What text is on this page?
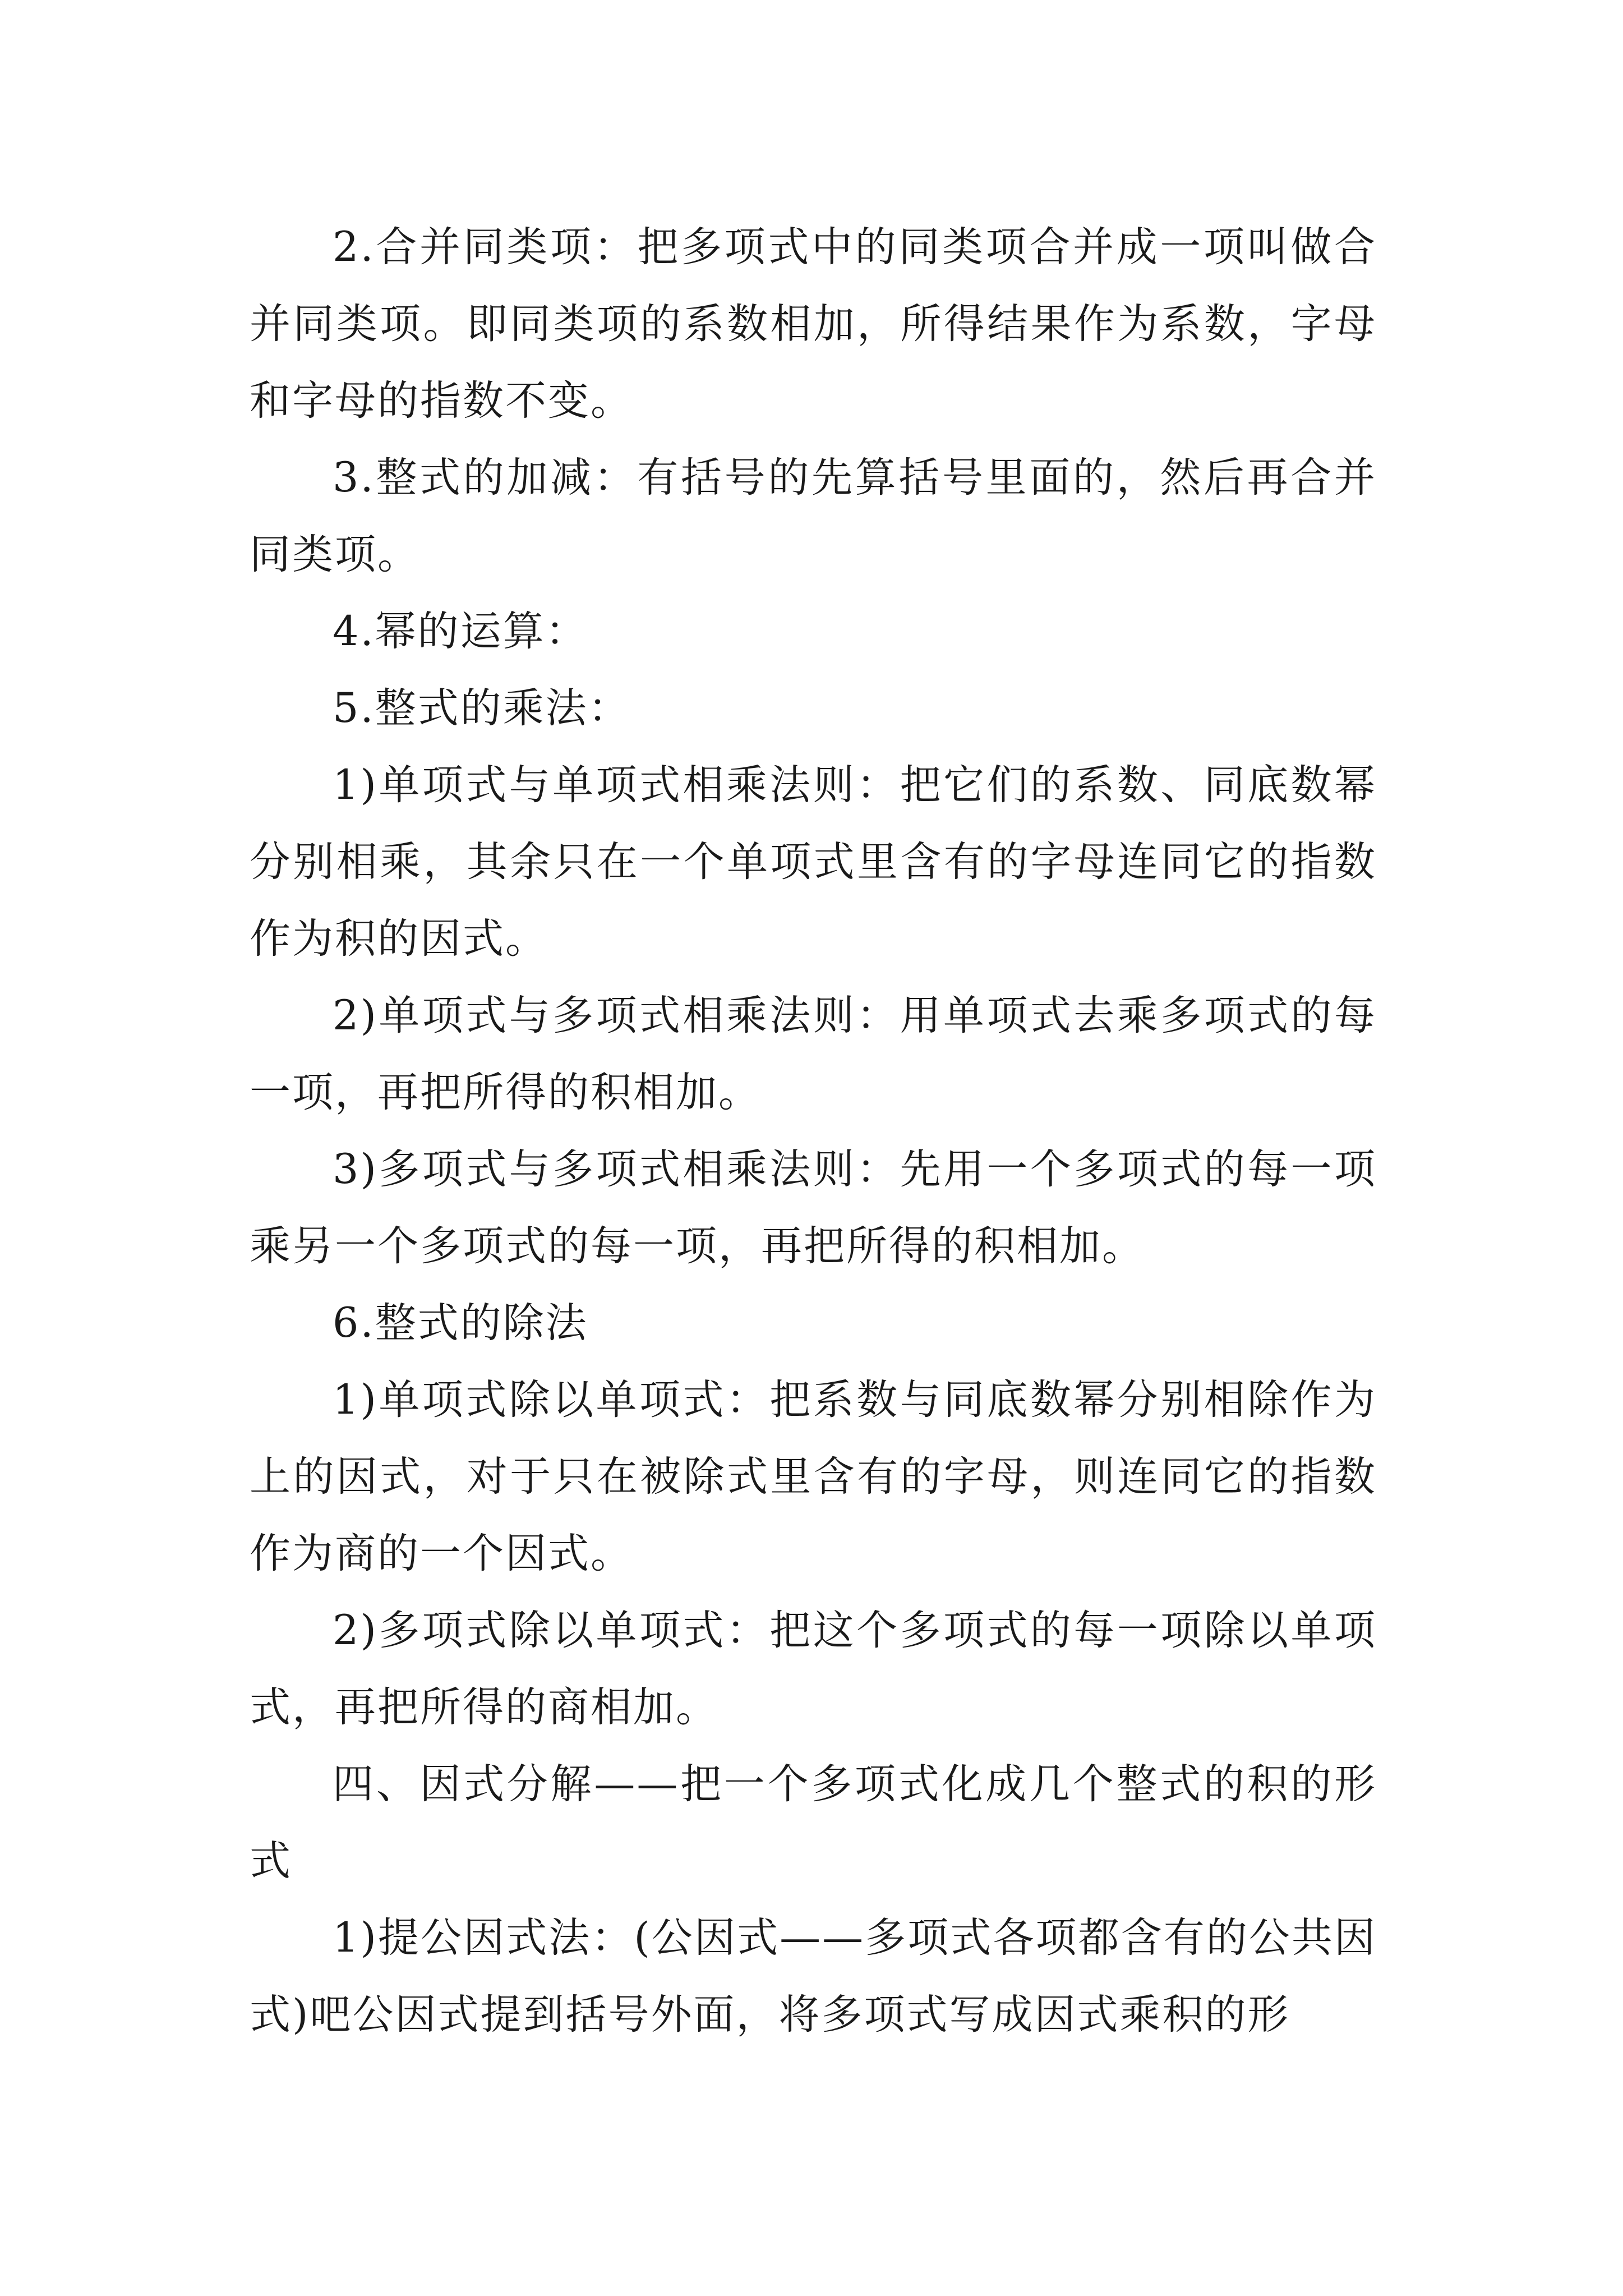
2.合并同类项：把多项式中的同类项合并成一项叫做合并同类项。即同类项的系数相加，所得结果作为系数，字母和字母的指数不变。

3.整式的加减：有括号的先算括号里面的，然后再合并同类项。

4.幂的运算：

5.整式的乘法：

1)单项式与单项式相乘法则：把它们的系数、同底数幂分别相乘，其余只在一个单项式里含有的字母连同它的指数作为积的因式。

2)单项式与多项式相乘法则：用单项式去乘多项式的每一项，再把所得的积相加。

3)多项式与多项式相乘法则：先用一个多项式的每一项乘另一个多项式的每一项，再把所得的积相加。

6.整式的除法

1)单项式除以单项式：把系数与同底数幂分别相除作为上的因式，对于只在被除式里含有的字母，则连同它的指数作为商的一个因式。

2)多项式除以单项式：把这个多项式的每一项除以单项式，再把所得的商相加。

四、因式分解——把一个多项式化成几个整式的积的形式

1)提公因式法：(公因式——多项式各项都含有的公共因式)吧公因式提到括号外面，将多项式写成因式乘积的形
